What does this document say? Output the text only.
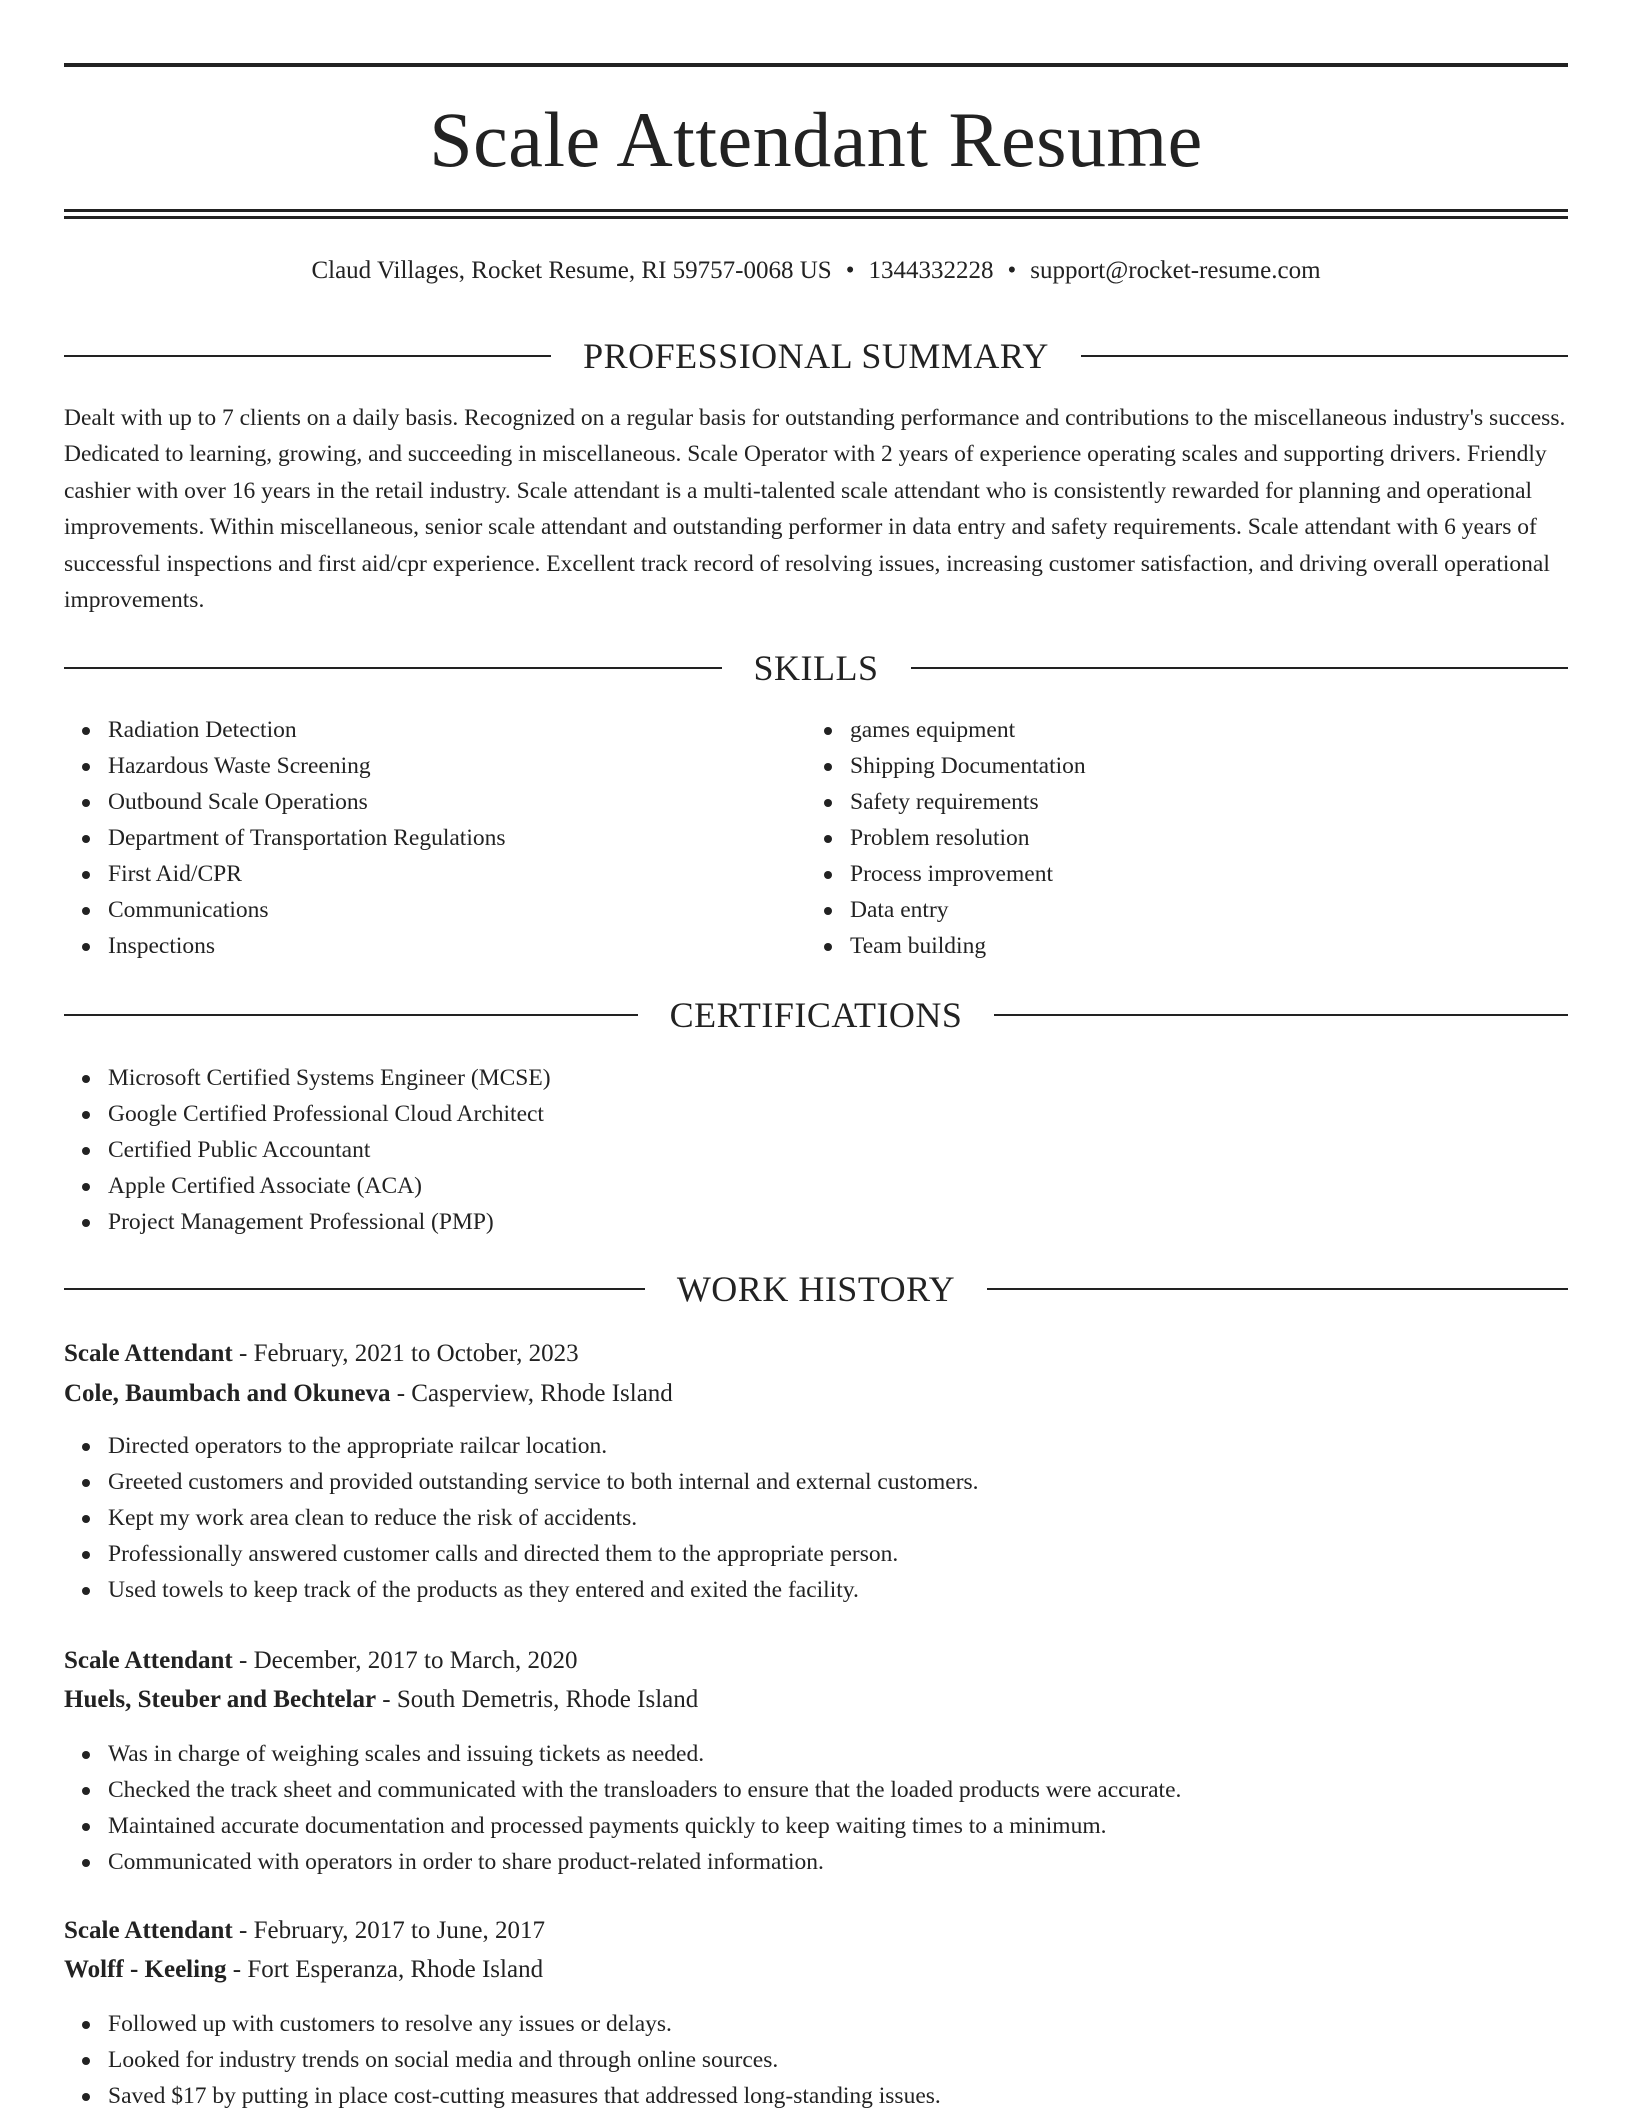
Scale Attendant Resume
Claud Villages, Rocket Resume, RI 59757-0068 US • 1344332228 • support@rocket-resume.com
PROFESSIONAL SUMMARY

Dealt with up to 7 clients on a daily basis. Recognized on a regular basis for outstanding performance and contributions to the miscellaneous industry's success. Dedicated to learning, growing, and succeeding in miscellaneous. Scale Operator with 2 years of experience operating scales and supporting drivers. Friendly cashier with over 16 years in the retail industry. Scale attendant is a multi-talented scale attendant who is consistently rewarded for planning and operational improvements. Within miscellaneous, senior scale attendant and outstanding performer in data entry and safety requirements. Scale attendant with 6 years of successful inspections and first aid/cpr experience. Excellent track record of resolving issues, increasing customer satisfaction, and driving overall operational improvements.

SKILLS
Radiation Detection
Hazardous Waste Screening
Outbound Scale Operations
Department of Transportation Regulations
First Aid/CPR
Communications
Inspections
games equipment
Shipping Documentation
Safety requirements
Problem resolution
Process improvement
Data entry
Team building
CERTIFICATIONS
Microsoft Certified Systems Engineer (MCSE)
Google Certified Professional Cloud Architect
Certified Public Accountant
Apple Certified Associate (ACA)
Project Management Professional (PMP)
WORK HISTORY
Scale Attendant - February, 2021 to October, 2023
Cole, Baumbach and Okuneva - Casperview, Rhode Island
Directed operators to the appropriate railcar location.
Greeted customers and provided outstanding service to both internal and external customers.
Kept my work area clean to reduce the risk of accidents.
Professionally answered customer calls and directed them to the appropriate person.
Used towels to keep track of the products as they entered and exited the facility.
Scale Attendant - December, 2017 to March, 2020
Huels, Steuber and Bechtelar - South Demetris, Rhode Island
Was in charge of weighing scales and issuing tickets as needed.
Checked the track sheet and communicated with the transloaders to ensure that the loaded products were accurate.
Maintained accurate documentation and processed payments quickly to keep waiting times to a minimum.
Communicated with operators in order to share product-related information.
Scale Attendant - February, 2017 to June, 2017
Wolff - Keeling - Fort Esperanza, Rhode Island
Followed up with customers to resolve any issues or delays.
Looked for industry trends on social media and through online sources.
Saved $17 by putting in place cost-cutting measures that addressed long-standing issues.
